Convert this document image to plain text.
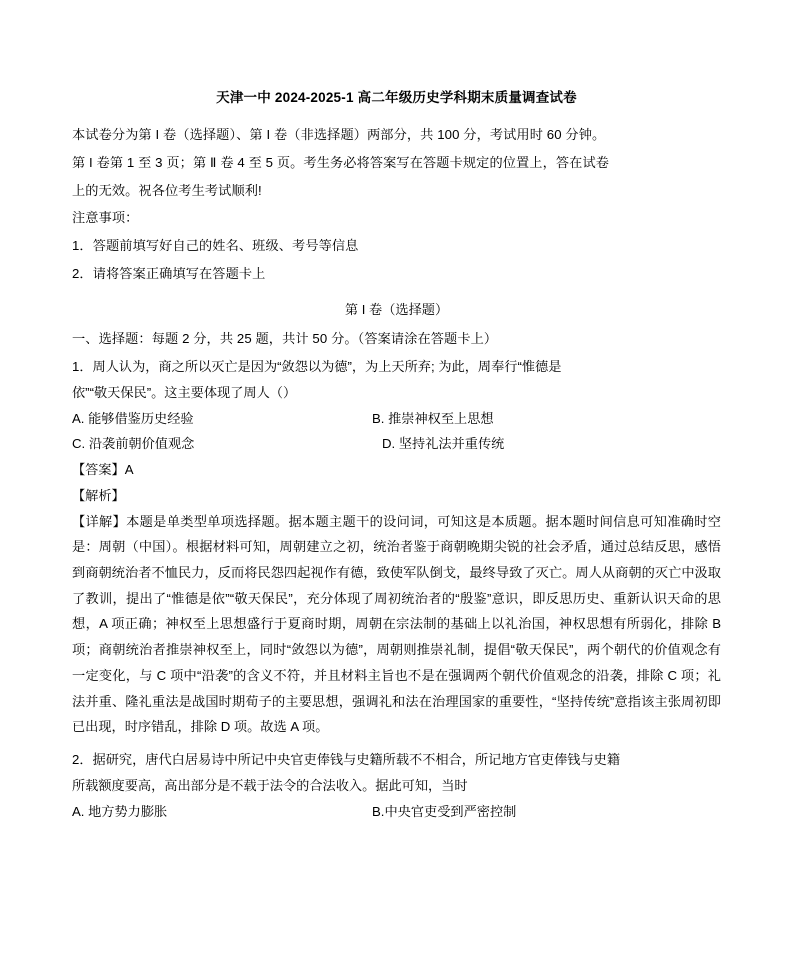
天津一中 2024-2025-1 高二年级历史学科期末质量调查试卷

本试卷分为第 I 卷（选择题）、第 I 卷（非选择题）两部分，共 100 分，考试用时 60 分钟。

第 I 卷第 1 至 3 页；第 Ⅱ 卷 4 至 5 页。考生务必将答案写在答题卡规定的位置上，答在试卷

上的无效。祝各位考生考试顺利!

注意事项：

1．答题前填写好自己的姓名、班级、考号等信息

2．请将答案正确填写在答题卡上

第 I 卷（选择题）

一、选择题：每题 2 分，共 25 题，共计 50 分。（答案请涂在答题卡上）

1．周人认为，商之所以灭亡是因为“敛怨以为德”，为上天所弃; 为此，周奉行“惟德是

依”“敬天保民”。这主要体现了周人（）

A. 能够借鉴历史经验	B. 推崇神权至上思想
C. 沿袭前朝价值观念	D. 坚持礼法并重传统

【答案】A

【解析】

【详解】本题是单类型单项选择题。据本题主题干的设问词，可知这是本质题。据本题时间信息可知准确时空是：周朝（中国）。根据材料可知，周朝建立之初，统治者鉴于商朝晚期尖锐的社会矛盾，通过总结反思，感悟到商朝统治者不恤民力，反而将民怨四起视作有德，致使军队倒戈，最终导致了灭亡。周人从商朝的灭亡中汲取了教训，提出了“惟德是依”“敬天保民”，充分体现了周初统治者的“殷鉴”意识，即反思历史、重新认识天命的思想，A 项正确；神权至上思想盛行于夏商时期，周朝在宗法制的基础上以礼治国，神权思想有所弱化，排除 B 项；商朝统治者推崇神权至上，同时“敛怨以为德”，周朝则推崇礼制，提倡“敬天保民”，两个朝代的价值观念有一定变化，与 C 项中“沿袭”的含义不符，并且材料主旨也不是在强调两个朝代价值观念的沿袭，排除 C 项；礼法并重、隆礼重法是战国时期荀子的主要思想，强调礼和法在治理国家的重要性，“坚持传统”意指该主张周初即已出现，时序错乱，排除 D 项。故选 A 项。

2．据研究，唐代白居易诗中所记中央官吏俸钱与史籍所载不不相合，所记地方官吏俸钱与史籍

所载额度要高，高出部分是不载于法令的合法收入。据此可知，当时

A. 地方势力膨胀	B.中央官吏受到严密控制
